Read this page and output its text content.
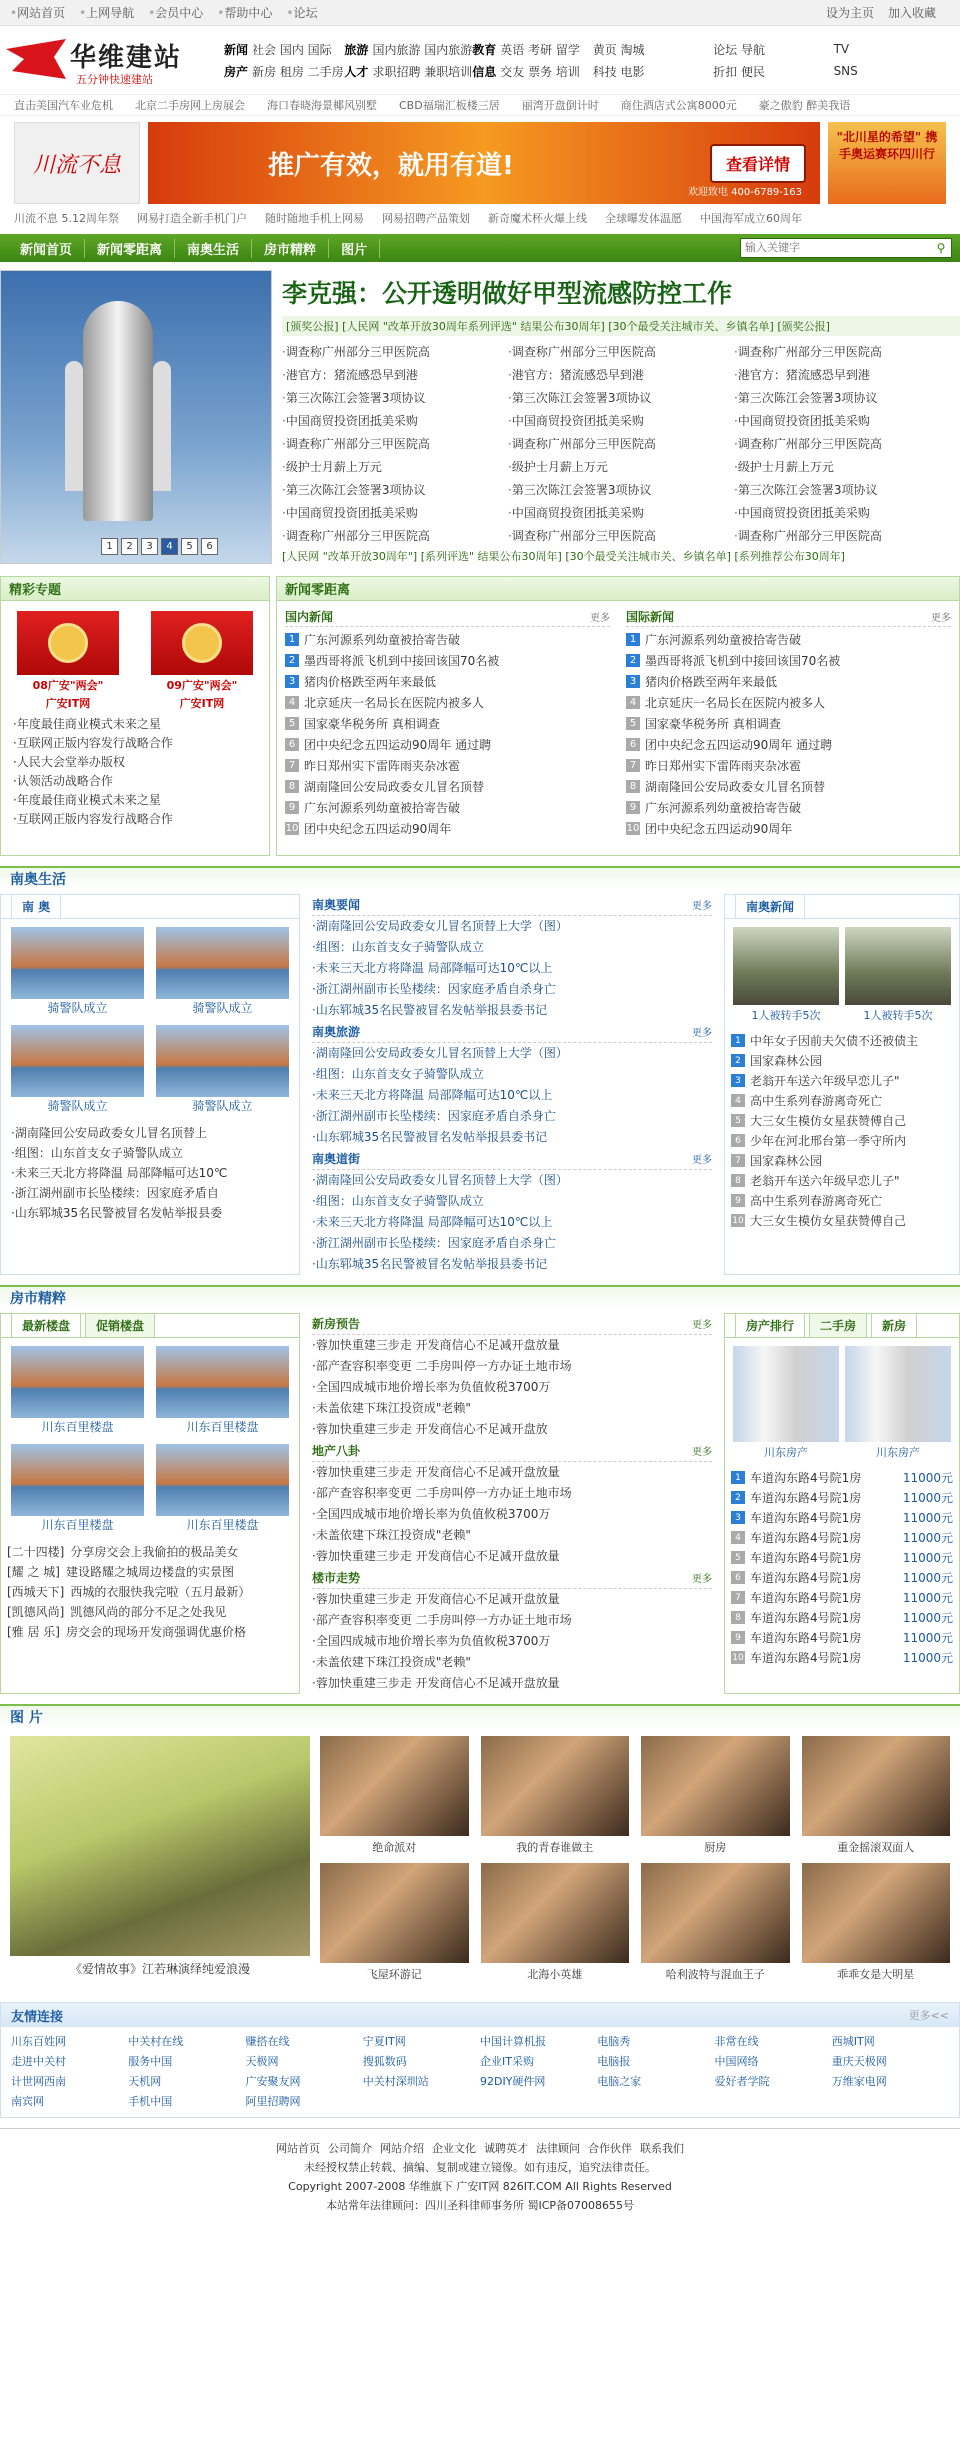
• 网站首页 • 上网导航 • 会员中心 • 帮助中心 • 论坛	设为主页 加入收藏
华维建站
五分钟快速建站
新闻 社会 国内 国际 旅游 国内旅游 国内旅游 教育 英语 考研 留学 黄页 淘城	论坛 导航	TV
房产 新房 租房 二手房 人才 求职招聘 兼职培训 信息 交友 票务 培训 科技 电影	折扣 便民	SNS
直击美国汽车业危机 北京二手房网上房展会 海口春晓海景椰风别墅 CBD福瑞汇板楼三居 丽湾开盘倒计时 商住酒店式公寓8000元 豪之傲豹 醉美我语
川流不息	推广有效，就用有道!	查看详情
欢迎致电 400-6789-163
"北川星的希望" 携手奥运赛环四川行
川流不息 5.12周年祭 网易打造全新手机门户 随时随地手机上网易 网易招聘产品策划 新奇魔术杯火爆上线 全球曝发体温愿 中国海军成立60周年
新闻首页	新闻零距离	南奥生活	房市精粹	图片
输入关键字	⚲
1	2	3	4	5	6
李克强：公开透明做好甲型流感防控工作
[颁奖公报] [人民网 "改革开放30周年系列评选" 结果公布30周年] [30个最受关注城市关、乡镇名单] [颁奖公报]
· 调查称广州部分三甲医院高	· 调查称广州部分三甲医院高	· 调查称广州部分三甲医院高
· 港官方：猪流感恐早到港	· 港官方：猪流感恐早到港	· 港官方：猪流感恐早到港
· 第三次陈江会签署3项协议	· 第三次陈江会签署3项协议	· 第三次陈江会签署3项协议
· 中国商贸投资团抵美采购	· 中国商贸投资团抵美采购	· 中国商贸投资团抵美采购
· 调查称广州部分三甲医院高	· 调查称广州部分三甲医院高	· 调查称广州部分三甲医院高
· 级护士月薪上万元	· 级护士月薪上万元	· 级护士月薪上万元
· 第三次陈江会签署3项协议	· 第三次陈江会签署3项协议	· 第三次陈江会签署3项协议
· 中国商贸投资团抵美采购	· 中国商贸投资团抵美采购	· 中国商贸投资团抵美采购
· 调查称广州部分三甲医院高	· 调查称广州部分三甲医院高	· 调查称广州部分三甲医院高
[人民网 "改革开放30周年"] [系列评选" 结果公布30周年] [30个最受关注城市关、乡镇名单] [系列推荐公布30周年]
精彩专题
08广安"两会"
广安IT网
09广安"两会"
广安IT网
· 年度最佳商业模式未来之星
· 互联网正版内容发行战略合作
· 人民大会堂举办版权
· 认领活动战略合作
· 年度最佳商业模式未来之星
· 互联网正版内容发行战略合作
新闻零距离
国内新闻	更多
1 广东河源系列幼童被拾寄告破
2 墨西哥将派飞机到中接回该国70名被
3 猪肉价格跌至两年来最低
4 北京延庆一名局长在医院内被多人
5 国家豪华税务所 真相调查
6 团中央纪念五四运动90周年 通过聘
7 昨日郑州实下雷阵雨夹杂冰雹
8 湖南隆回公安局政委女儿冒名顶替
9 广东河源系列幼童被拾寄告破
10 团中央纪念五四运动90周年
国际新闻	更多
1 广东河源系列幼童被拾寄告破
2 墨西哥将派飞机到中接回该国70名被
3 猪肉价格跌至两年来最低
4 北京延庆一名局长在医院内被多人
5 国家豪华税务所 真相调查
6 团中央纪念五四运动90周年 通过聘
7 昨日郑州实下雷阵雨夹杂冰雹
8 湖南隆回公安局政委女儿冒名顶替
9 广东河源系列幼童被拾寄告破
10 团中央纪念五四运动90周年
南奥生活
南 奥
骑警队成立	骑警队成立
骑警队成立	骑警队成立
· 湖南隆回公安局政委女儿冒名顶替上
· 组图：山东首支女子骑警队成立
· 未来三天北方将降温 局部降幅可达10℃
· 浙江湖州副市长坠楼续：因家庭矛盾自
· 山东郓城35名民警被冒名发帖举报县委
南奥要闻	更多
· 湖南隆回公安局政委女儿冒名顶替上大学（图）
· 组图：山东首支女子骑警队成立
· 未来三天北方将降温 局部降幅可达10℃以上
· 浙江湖州副市长坠楼续：因家庭矛盾自杀身亡
· 山东郓城35名民警被冒名发帖举报县委书记
南奥旅游	更多
· 湖南隆回公安局政委女儿冒名顶替上大学（图）
· 组图：山东首支女子骑警队成立
· 未来三天北方将降温 局部降幅可达10℃以上
· 浙江湖州副市长坠楼续：因家庭矛盾自杀身亡
· 山东郓城35名民警被冒名发帖举报县委书记
南奥道街	更多
· 湖南隆回公安局政委女儿冒名顶替上大学（图）
· 组图：山东首支女子骑警队成立
· 未来三天北方将降温 局部降幅可达10℃以上
· 浙江湖州副市长坠楼续：因家庭矛盾自杀身亡
· 山东郓城35名民警被冒名发帖举报县委书记
南奥新闻
1人被转手5次	1人被转手5次
1 中年女子因前夫欠债不还被债主
2 国家森林公园
3 老翁开车送六年级早恋儿子"
4 高中生系列春游离奇死亡
5 大三女生模仿女星获赞傅自己
6 少年在河北邢台第一季守所内
7 国家森林公园
8 老翁开车送六年级早恋儿子"
9 高中生系列春游离奇死亡
10 大三女生模仿女星获赞傅自己
房市精粹
最新楼盘	促销楼盘
川东百里楼盘	川东百里楼盘
川东百里楼盘	川东百里楼盘
[二十四楼] 分享房交会上我偷拍的极品美女
[耀 之 城] 建设路耀之城周边楼盘的实景图
[西城天下] 西城的衣服快我完啦（五月最新）
[凯德风尚] 凯德风尚的部分不足之处我见
[雅 居 乐] 房交会的现场开发商强调优惠价格
新房预告	更多
· 蓉加快重建三步走 开发商信心不足减开盘放量
· 部产查容积率变更 二手房叫停一方办证土地市场
· 全国四成城市地价增长率为负值攸税3700万
· 未盖依建下珠江投资成"老赖"
· 蓉加快重建三步走 开发商信心不足减开盘放
地产八卦	更多
· 蓉加快重建三步走 开发商信心不足减开盘放量
· 部产查容积率变更 二手房叫停一方办证土地市场
· 全国四成城市地价增长率为负值攸税3700万
· 未盖依建下珠江投资成"老赖"
· 蓉加快重建三步走 开发商信心不足减开盘放量
楼市走势	更多
· 蓉加快重建三步走 开发商信心不足减开盘放量
· 部产查容积率变更 二手房叫停一方办证土地市场
· 全国四成城市地价增长率为负值攸税3700万
· 未盖依建下珠江投资成"老赖"
· 蓉加快重建三步走 开发商信心不足减开盘放量
房产排行	二手房	新房
川东房产	川东房产
1 车道沟东路4号院1房	11000元
2 车道沟东路4号院1房	11000元
3 车道沟东路4号院1房	11000元
4 车道沟东路4号院1房	11000元
5 车道沟东路4号院1房	11000元
6 车道沟东路4号院1房	11000元
7 车道沟东路4号院1房	11000元
8 车道沟东路4号院1房	11000元
9 车道沟东路4号院1房	11000元
10 车道沟东路4号院1房	11000元
图 片
《爱情故事》江若琳演绎纯爱浪漫
绝命派对	我的青春谁做主	厨房	重金摇滚双面人
飞屋环游记	北海小英雄	哈利波特与混血王子	乖乖女是大明星
友情连接	更多<<
川东百姓网	中关村在线	赚搭在线	宁夏IT网	中国计算机报	电脑秀	非常在线	西城IT网
走进中关村	服务中国	天极网	搜狐数码	企业IT采购	电脑报	中国网络	重庆天极网
计世网西南	天机网	广安聚友网	中关村深圳站	92DIY硬件网	电脑之家	爱好者学院	万维家电网
南宾网	手机中国	阿里招聘网
网站首页 公司简介 网站介绍 企业文化 诚聘英才 法律顾问 合作伙伴 联系我们
未经授权禁止转载、摘编、复制或建立镜像。如有违反，追究法律责任。
Copyright 2007-2008 华维旗下 广安IT网 826IT.COM All Rights Reserved
本站常年法律顾问：四川圣科律师事务所 蜀ICP备07008655号
